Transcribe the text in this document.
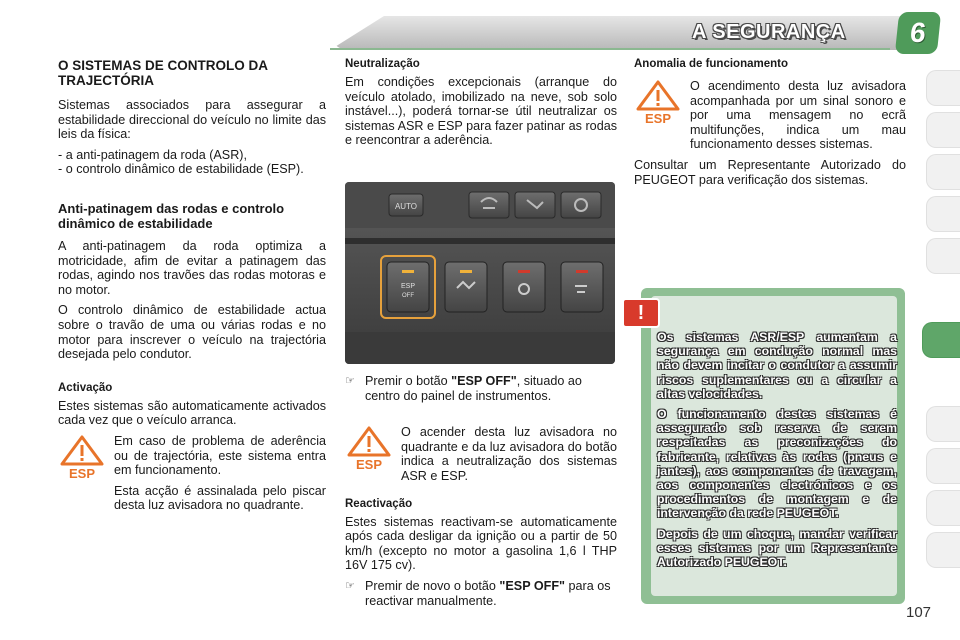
A SEGURANÇA	6
O SISTEMAS DE CONTROLO DA TRAJECTÓRIA

Sistemas associados para assegurar a estabilidade direccional do veículo no limite das leis da física:

- a anti-patinagem da roda (ASR),
- o controlo dinâmico de estabilidade (ESP).
Anti-patinagem das rodas e controlo dinâmico de estabilidade

A anti-patinagem da roda optimiza a motricidade, afim de evitar a patinagem das rodas, agindo nos travões das rodas motoras e no motor.

O controlo dinâmico de estabilidade actua sobre o travão de uma ou várias rodas e no motor para inscrever o veículo na trajectória desejada pelo condutor.

Activação

Estes sistemas são automaticamente activados cada vez que o veículo arranca.

ESP

Em caso de problema de aderência ou de trajectória, este sistema entra em funcionamento.

Esta acção é assinalada pelo piscar desta luz avisadora no quadrante.

Neutralização

Em condições excepcionais (arranque do veículo atolado, imobilizado na neve, sob solo instável...), poderá tornar-se útil neutralizar os sistemas ASR e ESP para fazer patinar as rodas e reencontrar a aderência.

AUTO
ESP
OFF
☞ Premir o botão "ESP OFF", situado ao centro do painel de instrumentos.
ESP

O acender desta luz avisadora no quadrante e da luz avisadora do botão indica a neutralização dos sistemas ASR e ESP.

Reactivação

Estes sistemas reactivam-se automaticamente após cada desligar da ignição ou a partir de 50 km/h (excepto no motor a gasolina 1,6 l THP 16V 175 cv).

☞ Premir de novo o botão "ESP OFF" para os reactivar manualmente.
Anomalia de funcionamento
ESP

O acendimento desta luz avisadora acompanhada por um sinal sonoro e por uma mensagem no ecrã multifunções, indica um mau funcionamento desses sistemas.

Consultar um Representante Autorizado do PEUGEOT para verificação dos sistemas.

Os sistemas ASR/ESP aumentam a segurança em condução normal mas não devem incitar o condutor a assumir riscos suplementares ou a circular a altas velocidades.

O funcionamento destes sistemas é assegurado sob reserva de serem respeitadas as preconizações do fabricante, relativas às rodas (pneus e jantes), aos componentes de travagem, aos componentes electrónicos e os procedimentos de montagem e de intervenção da rede PEUGEOT.

Depois de um choque, mandar verificar esses sistemas por um Representante Autorizado PEUGEOT.

!
107
